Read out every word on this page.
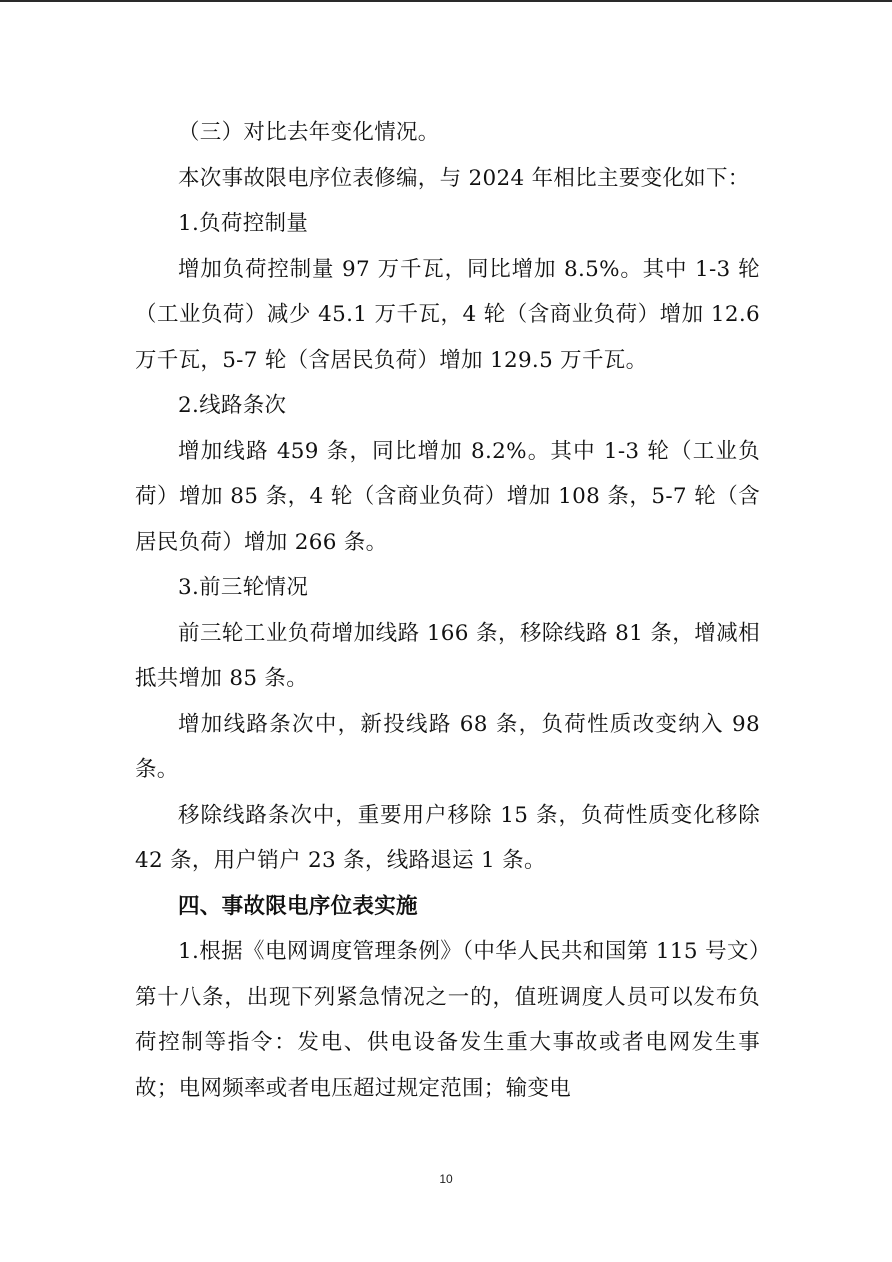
（三）对比去年变化情况。

本次事故限电序位表修编，与 2024 年相比主要变化如下：

1.负荷控制量

增加负荷控制量 97 万千瓦，同比增加 8.5%。其中 1-3 轮（工业负荷）减少 45.1 万千瓦，4 轮（含商业负荷）增加 12.6 万千瓦，5-7 轮（含居民负荷）增加 129.5 万千瓦。

2.线路条次

增加线路 459 条，同比增加 8.2%。其中 1-3 轮（工业负荷）增加 85 条，4 轮（含商业负荷）增加 108 条，5-7 轮（含居民负荷）增加 266 条。

3.前三轮情况

前三轮工业负荷增加线路 166 条，移除线路 81 条，增减相抵共增加 85 条。

增加线路条次中，新投线路 68 条，负荷性质改变纳入 98 条。

移除线路条次中，重要用户移除 15 条，负荷性质变化移除 42 条，用户销户 23 条，线路退运 1 条。

四、事故限电序位表实施

1.根据《电网调度管理条例》（中华人民共和国第 115 号文）第十八条，出现下列紧急情况之一的，值班调度人员可以发布负荷控制等指令：发电、供电设备发生重大事故或者电网发生事故；电网频率或者电压超过规定范围；输变电

10
